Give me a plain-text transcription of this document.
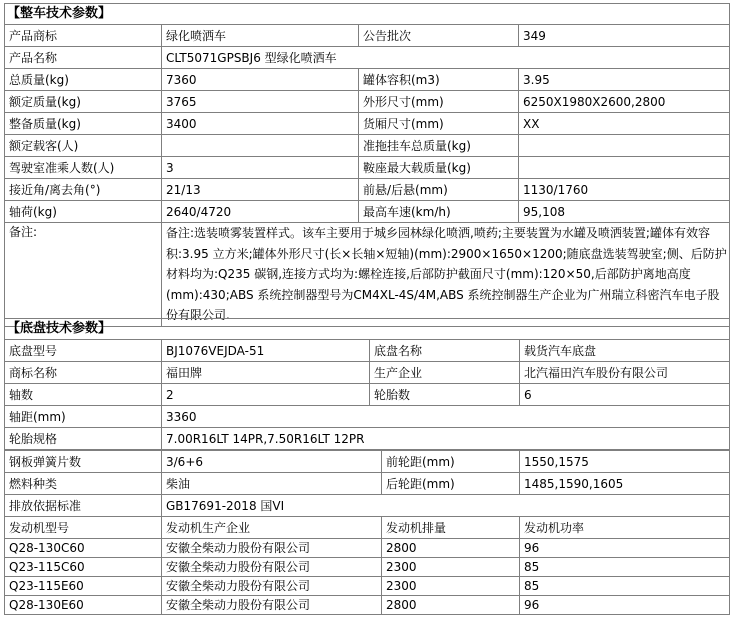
【整车技术参数】			
产品商标	绿化喷洒车	公告批次	349
产品名称	CLT5071GPSBJ6 型绿化喷洒车		
总质量(kg)	7360	罐体容积(m3)	3.95
额定质量(kg)	3765	外形尺寸(mm)	6250X1980X2600,2800
整备质量(kg)	3400	货厢尺寸(mm)	XX
额定载客(人)		准拖挂车总质量(kg)	
驾驶室准乘人数(人)	3	鞍座最大载质量(kg)	
接近角/离去角(°)	21/13	前悬/后悬(mm)	1130/1760
轴荷(kg)	2640/4720	最高车速(km/h)	95,108
备注:	备注:选装喷雾装置样式。该车主要用于城乡园林绿化喷洒,喷药;主要装置为水罐及喷洒装置;罐体有效容积:3.95 立方米;罐体外形尺寸(长×长轴×短轴)(mm):2900×1650×1200;随底盘选装驾驶室;侧、后防护材料均为:Q235 碳钢,连接方式均为:螺栓连接,后部防护截面尺寸(mm):120×50,后部防护离地高度(mm):430;ABS 系统控制器型号为CM4XL-4S/4M,ABS 系统控制器生产企业为广州瑞立科密汽车电子股份有限公司.		
【底盘技术参数】			
底盘型号	BJ1076VEJDA-51	底盘名称	载货汽车底盘
商标名称	福田牌	生产企业	北汽福田汽车股份有限公司
轴数	2	轮胎数	6
轴距(mm)	3360		
轮胎规格	7.00R16LT 14PR,7.50R16LT 12PR		
钢板弹簧片数	3/6+6	前轮距(mm)	1550,1575
燃料种类	柴油	后轮距(mm)	1485,1590,1605
排放依据标准	GB17691-2018 国VI		
发动机型号	发动机生产企业	发动机排量	发动机功率
Q28-130C60	安徽全柴动力股份有限公司	2800	96
Q23-115C60	安徽全柴动力股份有限公司	2300	85
Q23-115E60	安徽全柴动力股份有限公司	2300	85
Q28-130E60	安徽全柴动力股份有限公司	2800	96
